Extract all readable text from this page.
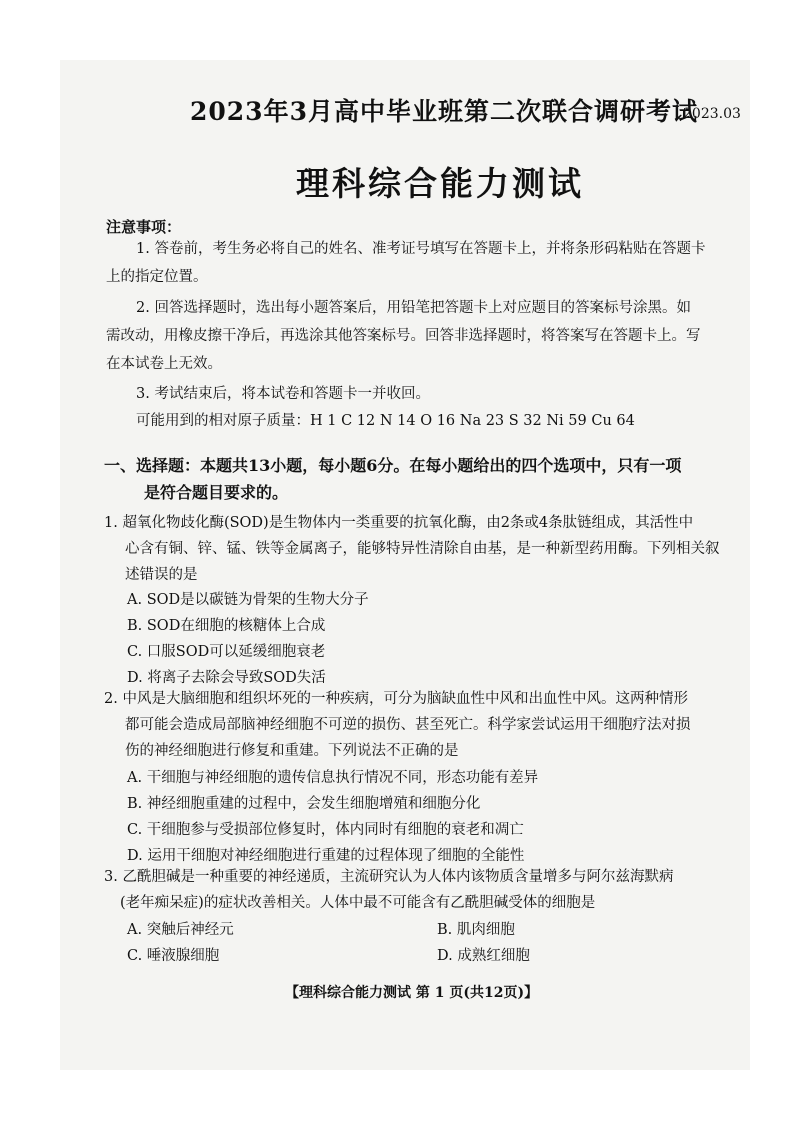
2023年3月高中毕业班第二次联合调研考试
2023.03
理科综合能力测试
注意事项：
1. 答卷前，考生务必将自己的姓名、准考证号填写在答题卡上，并将条形码粘贴在答题卡
上的指定位置。
2. 回答选择题时，选出每小题答案后，用铅笔把答题卡上对应题目的答案标号涂黑。如
需改动，用橡皮擦干净后，再选涂其他答案标号。回答非选择题时，将答案写在答题卡上。写
在本试卷上无效。
3. 考试结束后，将本试卷和答题卡一并收回。
可能用到的相对原子质量：H 1 C 12 N 14 O 16 Na 23 S 32 Ni 59 Cu 64
一、选择题：本题共13小题，每小题6分。在每小题给出的四个选项中，只有一项
是符合题目要求的。
1. 超氧化物歧化酶(SOD)是生物体内一类重要的抗氧化酶，由2条或4条肽链组成，其活性中
心含有铜、锌、锰、铁等金属离子，能够特异性清除自由基，是一种新型药用酶。下列相关叙
述错误的是
A. SOD是以碳链为骨架的生物大分子
B. SOD在细胞的核糖体上合成
C. 口服SOD可以延缓细胞衰老
D. 将离子去除会导致SOD失活
2. 中风是大脑细胞和组织坏死的一种疾病，可分为脑缺血性中风和出血性中风。这两种情形
都可能会造成局部脑神经细胞不可逆的损伤、甚至死亡。科学家尝试运用干细胞疗法对损
伤的神经细胞进行修复和重建。下列说法不正确的是
A. 干细胞与神经细胞的遗传信息执行情况不同，形态功能有差异
B. 神经细胞重建的过程中，会发生细胞增殖和细胞分化
C. 干细胞参与受损部位修复时，体内同时有细胞的衰老和凋亡
D. 运用干细胞对神经细胞进行重建的过程体现了细胞的全能性
3. 乙酰胆碱是一种重要的神经递质，主流研究认为人体内该物质含量增多与阿尔兹海默病
(老年痴呆症)的症状改善相关。人体中最不可能含有乙酰胆碱受体的细胞是
A. 突触后神经元	B. 肌肉细胞
C. 唾液腺细胞	D. 成熟红细胞
【理科综合能力测试 第 1 页(共12页)】
